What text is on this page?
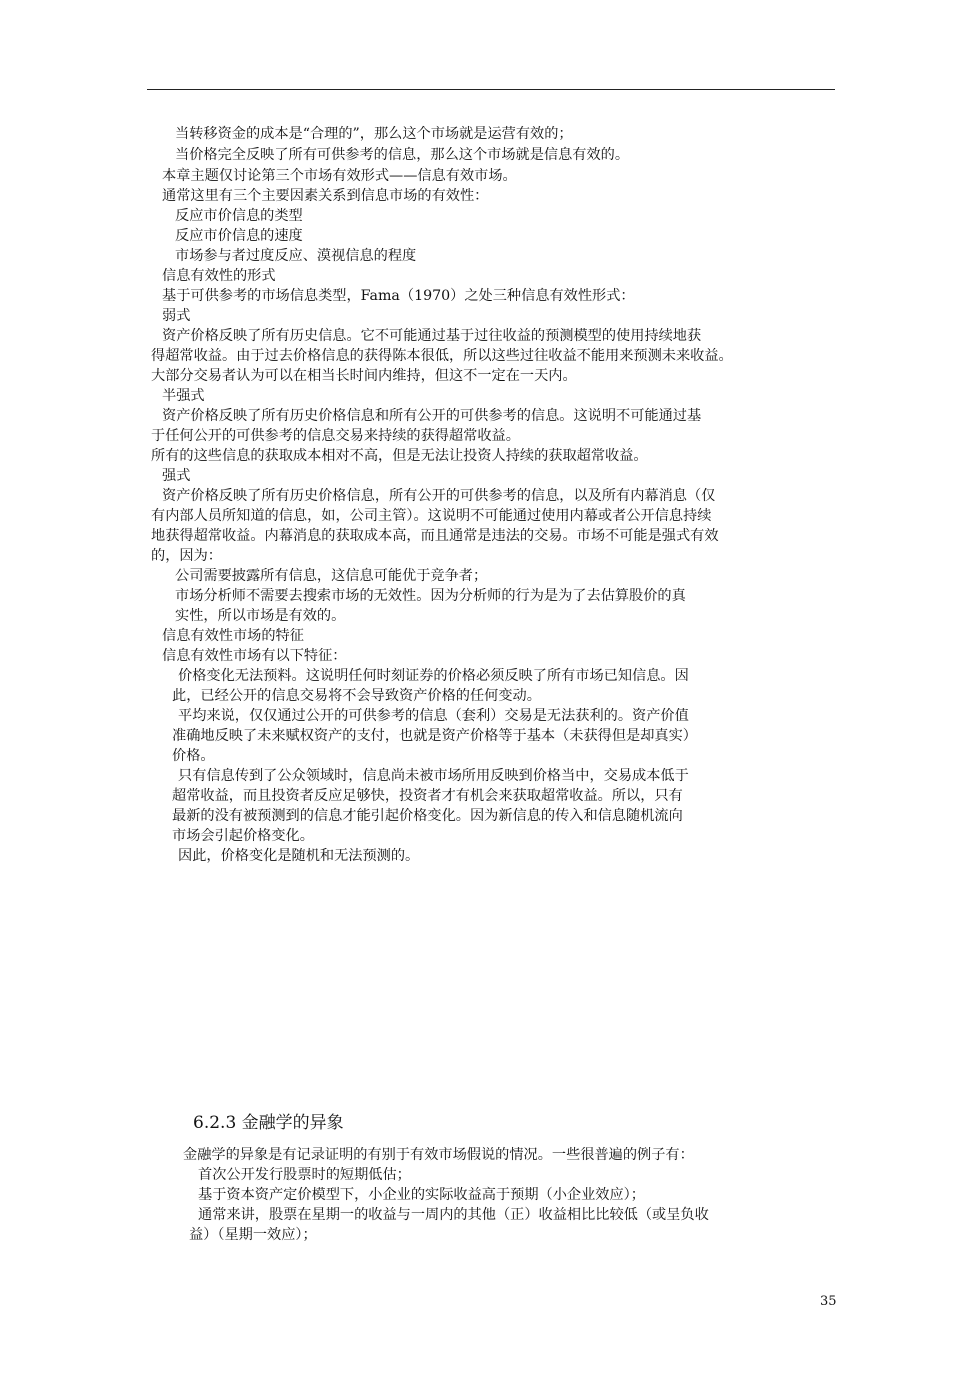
当转移资金的成本是“合理的”，那么这个市场就是运营有效的；
当价格完全反映了所有可供参考的信息，那么这个市场就是信息有效的。
本章主题仅讨论第三个市场有效形式——信息有效市场。
通常这里有三个主要因素关系到信息市场的有效性：
反应市价信息的类型
反应市价信息的速度
市场参与者过度反应、漠视信息的程度
信息有效性的形式
基于可供参考的市场信息类型，Fama（1970）之处三种信息有效性形式：
弱式
资产价格反映了所有历史信息。它不可能通过基于过往收益的预测模型的使用持续地获
得超常收益。由于过去价格信息的获得陈本很低，所以这些过往收益不能用来预测未来收益。
大部分交易者认为可以在相当长时间内维持，但这不一定在一天内。
半强式
资产价格反映了所有历史价格信息和所有公开的可供参考的信息。这说明不可能通过基
于任何公开的可供参考的信息交易来持续的获得超常收益。
所有的这些信息的获取成本相对不高，但是无法让投资人持续的获取超常收益。
强式
资产价格反映了所有历史价格信息，所有公开的可供参考的信息，以及所有内幕消息（仅
有内部人员所知道的信息，如，公司主管）。这说明不可能通过使用内幕或者公开信息持续
地获得超常收益。内幕消息的获取成本高，而且通常是违法的交易。市场不可能是强式有效
的，因为：
公司需要披露所有信息，这信息可能优于竞争者；
市场分析师不需要去搜索市场的无效性。因为分析师的行为是为了去估算股价的真
实性，所以市场是有效的。
信息有效性市场的特征
信息有效性市场有以下特征：
价格变化无法预料。这说明任何时刻证券的价格必须反映了所有市场已知信息。因
此，已经公开的信息交易将不会导致资产价格的任何变动。
平均来说，仅仅通过公开的可供参考的信息（套利）交易是无法获利的。资产价值
准确地反映了未来赋权资产的支付，也就是资产价格等于基本（未获得但是却真实）
价格。
只有信息传到了公众领域时，信息尚未被市场所用反映到价格当中，交易成本低于
超常收益，而且投资者反应足够快，投资者才有机会来获取超常收益。所以，只有
最新的没有被预测到的信息才能引起价格变化。因为新信息的传入和信息随机流向
市场会引起价格变化。
因此，价格变化是随机和无法预测的。
6.2.3 金融学的异象
金融学的异象是有记录证明的有别于有效市场假说的情况。一些很普遍的例子有：
首次公开发行股票时的短期低估；
基于资本资产定价模型下，小企业的实际收益高于预期（小企业效应）；
通常来讲，股票在星期一的收益与一周内的其他（正）收益相比比较低（或呈负收
益）（星期一效应）；
35
